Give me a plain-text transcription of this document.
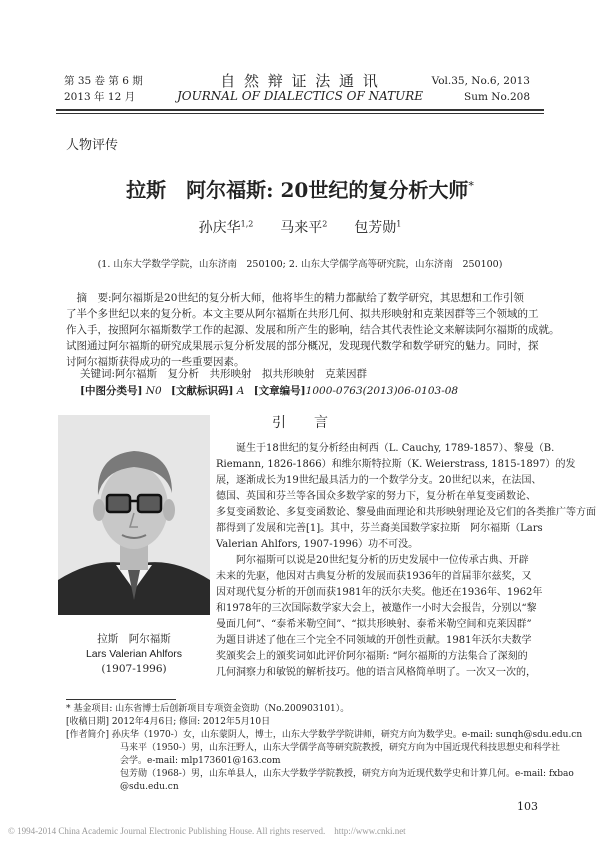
第 35 卷 第 6 期
2013 年 12 月
自 然 辩 证 法 通 讯
JOURNAL OF DIALECTICS OF NATURE
Vol.35, No.6, 2013
Sum No.208
人物评传
拉斯　阿尔福斯: 20世纪的复分析大师*
孙庆华$^{1,2}$ 马来平$^2$ 包芳勋$^1$
(1. 山东大学数学学院，山东济南　250100; 2. 山东大学儒学高等研究院，山东济南　250100)
　摘　要:阿尔福斯是20世纪的复分析大师，他将毕生的精力都献给了数学研究，其思想和工作引领
了半个多世纪以来的复分析。本文主要从阿尔福斯在共形几何、拟共形映射和克莱因群等三个领域的工
作入手，按照阿尔福斯数学工作的起源、发展和所产生的影响，结合其代表性论文来解读阿尔福斯的成就。
试图通过阿尔福斯的研究成果展示复分析发展的部分概况，发现现代数学和数学研究的魅力。同时，探
讨阿尔福斯获得成功的一些重要因素。
关键词:阿尔福斯　复分析　共形映射　拟共形映射　克莱因群
[中图分类号] N0 [文献标识码] A [文章编号]1000-0763(2013)06-0103-08
引　　言
拉斯　阿尔福斯
Lars Valerian Ahlfors
(1907-1996)
　　诞生于18世纪的复分析经由柯西（L. Cauchy, 1789-1857）、黎曼（B.
Riemann, 1826-1866）和维尔斯特拉斯（K. Weierstrass, 1815-1897）的发
展，逐渐成长为19世纪最具活力的一个数学分支。20世纪以来，在法国、
德国、英国和芬兰等各国众多数学家的努力下，复分析在单复变函数论、
多复变函数论、多复变函数论、黎曼曲面理论和共形映射理论及它们的各类推广等方面
都得到了发展和完善[1]。其中，芬兰裔美国数学家拉斯　阿尔福斯（Lars
Valerian Ahlfors, 1907-1996）功不可没。
　　阿尔福斯可以说是20世纪复分析的历史发展中一位传承古典、开辟
未来的先驱，他因对古典复分析的发展而获1936年的首届菲尔兹奖，又
因对现代复分析的开创而获1981年的沃尔夫奖。他还在1936年、1962年
和1978年的三次国际数学家大会上，被邀作一小时大会报告，分别以“黎
曼面几何”、“泰希米勒空间”、“拟共形映射、泰希米勒空间和克莱因群”
为题目讲述了他在三个完全不同领域的开创性贡献。1981年沃尔夫数学
奖颁奖会上的颁奖词如此评价阿尔福斯: “阿尔福斯的方法集合了深刻的
几何洞察力和敏锐的解析技巧。他的语言风格简单明了。一次又一次的，
* 基金项目: 山东省博士后创新项目专项资金资助（No.200903101）。
[收稿日期] 2012年4月6日; 修回: 2012年5月10日
[作者简介] 孙庆华（1970-）女，山东蒙阴人，博士，山东大学数学学院讲师，研究方向为数学史。e-mail: sunqh@sdu.edu.cn
马来平（1950-）男，山东汪野人，山东大学儒学高等研究院教授，研究方向为中国近现代科技思想史和科学社
会学。e-mail: mlp173601@163.com
包芳勋（1968-）男，山东单县人，山东大学数学学院教授，研究方向为近现代数学史和计算几何。e-mail: fxbao
@sdu.edu.cn
103
© 1994-2014 China Academic Journal Electronic Publishing House. All rights reserved.　http://www.cnki.net
